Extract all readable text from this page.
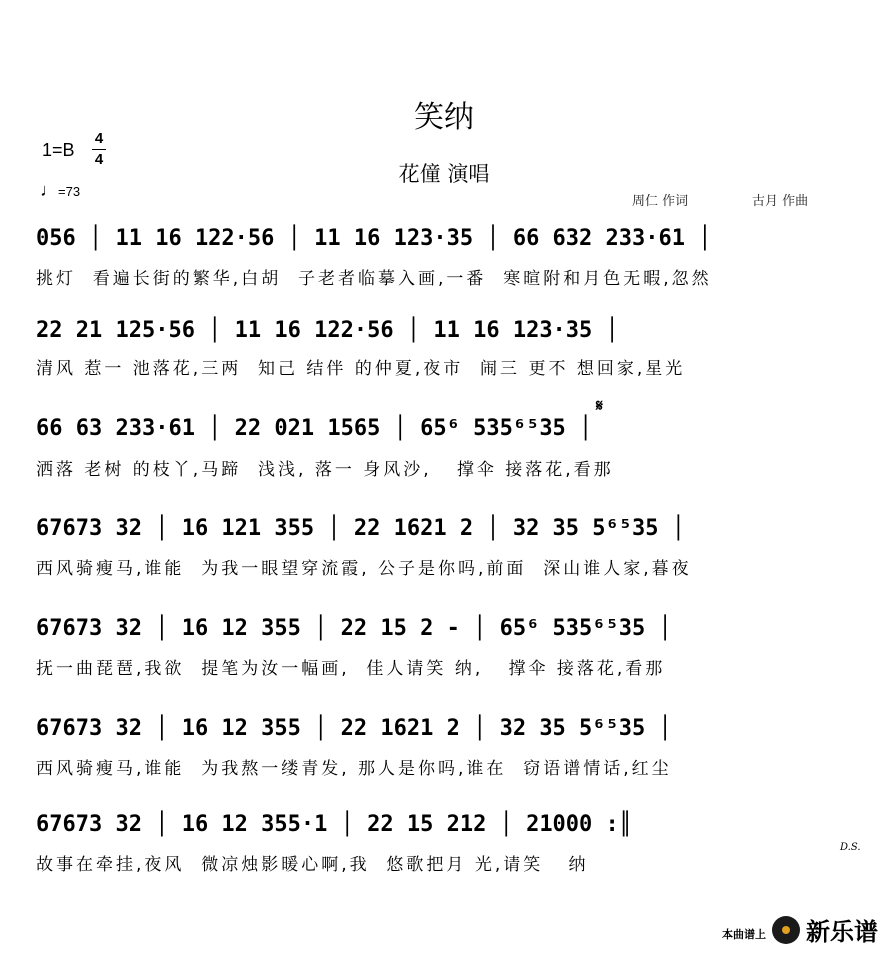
笑纳
1=B
4
4
花僮 演唱
♩=73
周仁 作词	古月 作曲
056 │ 11 16 122·56 │ 11 16 123·35 │ 66 632 233·61 │
挑灯  看遍长街的繁华,白胡  子老者临摹入画,一番  寒暄附和月色无暇,忽然
22 21 125·56 │ 11 16 122·56 │ 11 16 123·35 │
清风 惹一 池落花,三两  知己 结伴 的仲夏,夜市  闹三 更不 想回家,星光
𝄋
66 63 233·61 │ 22 021 1565 │ 65⁶ 535⁶⁵35 │
洒落 老树 的枝丫,马蹄  浅浅, 落一 身风沙,   撑伞 接落花,看那
67673 32 │ 16 121 355 │ 22 1621 2 │ 32 35 5⁶⁵35 │
西风骑瘦马,谁能  为我一眼望穿流霞, 公子是你吗,前面  深山谁人家,暮夜
67673 32 │ 16 12 355 │ 22 15 2 - │ 65⁶ 535⁶⁵35 │
抚一曲琵琶,我欲  提笔为汝一幅画,  佳人请笑 纳,   撑伞 接落花,看那
67673 32 │ 16 12 355 │ 22 1621 2 │ 32 35 5⁶⁵35 │
西风骑瘦马,谁能  为我熬一缕青发, 那人是你吗,谁在  窃语谱情话,红尘
67673 32 │ 16 12 355·1 │ 22 15 212 │ 21000 :║
故事在牵挂,夜风  微凉烛影暖心啊,我  悠歌把月 光,请笑   纳
D.S.
本曲谱上 新乐谱
